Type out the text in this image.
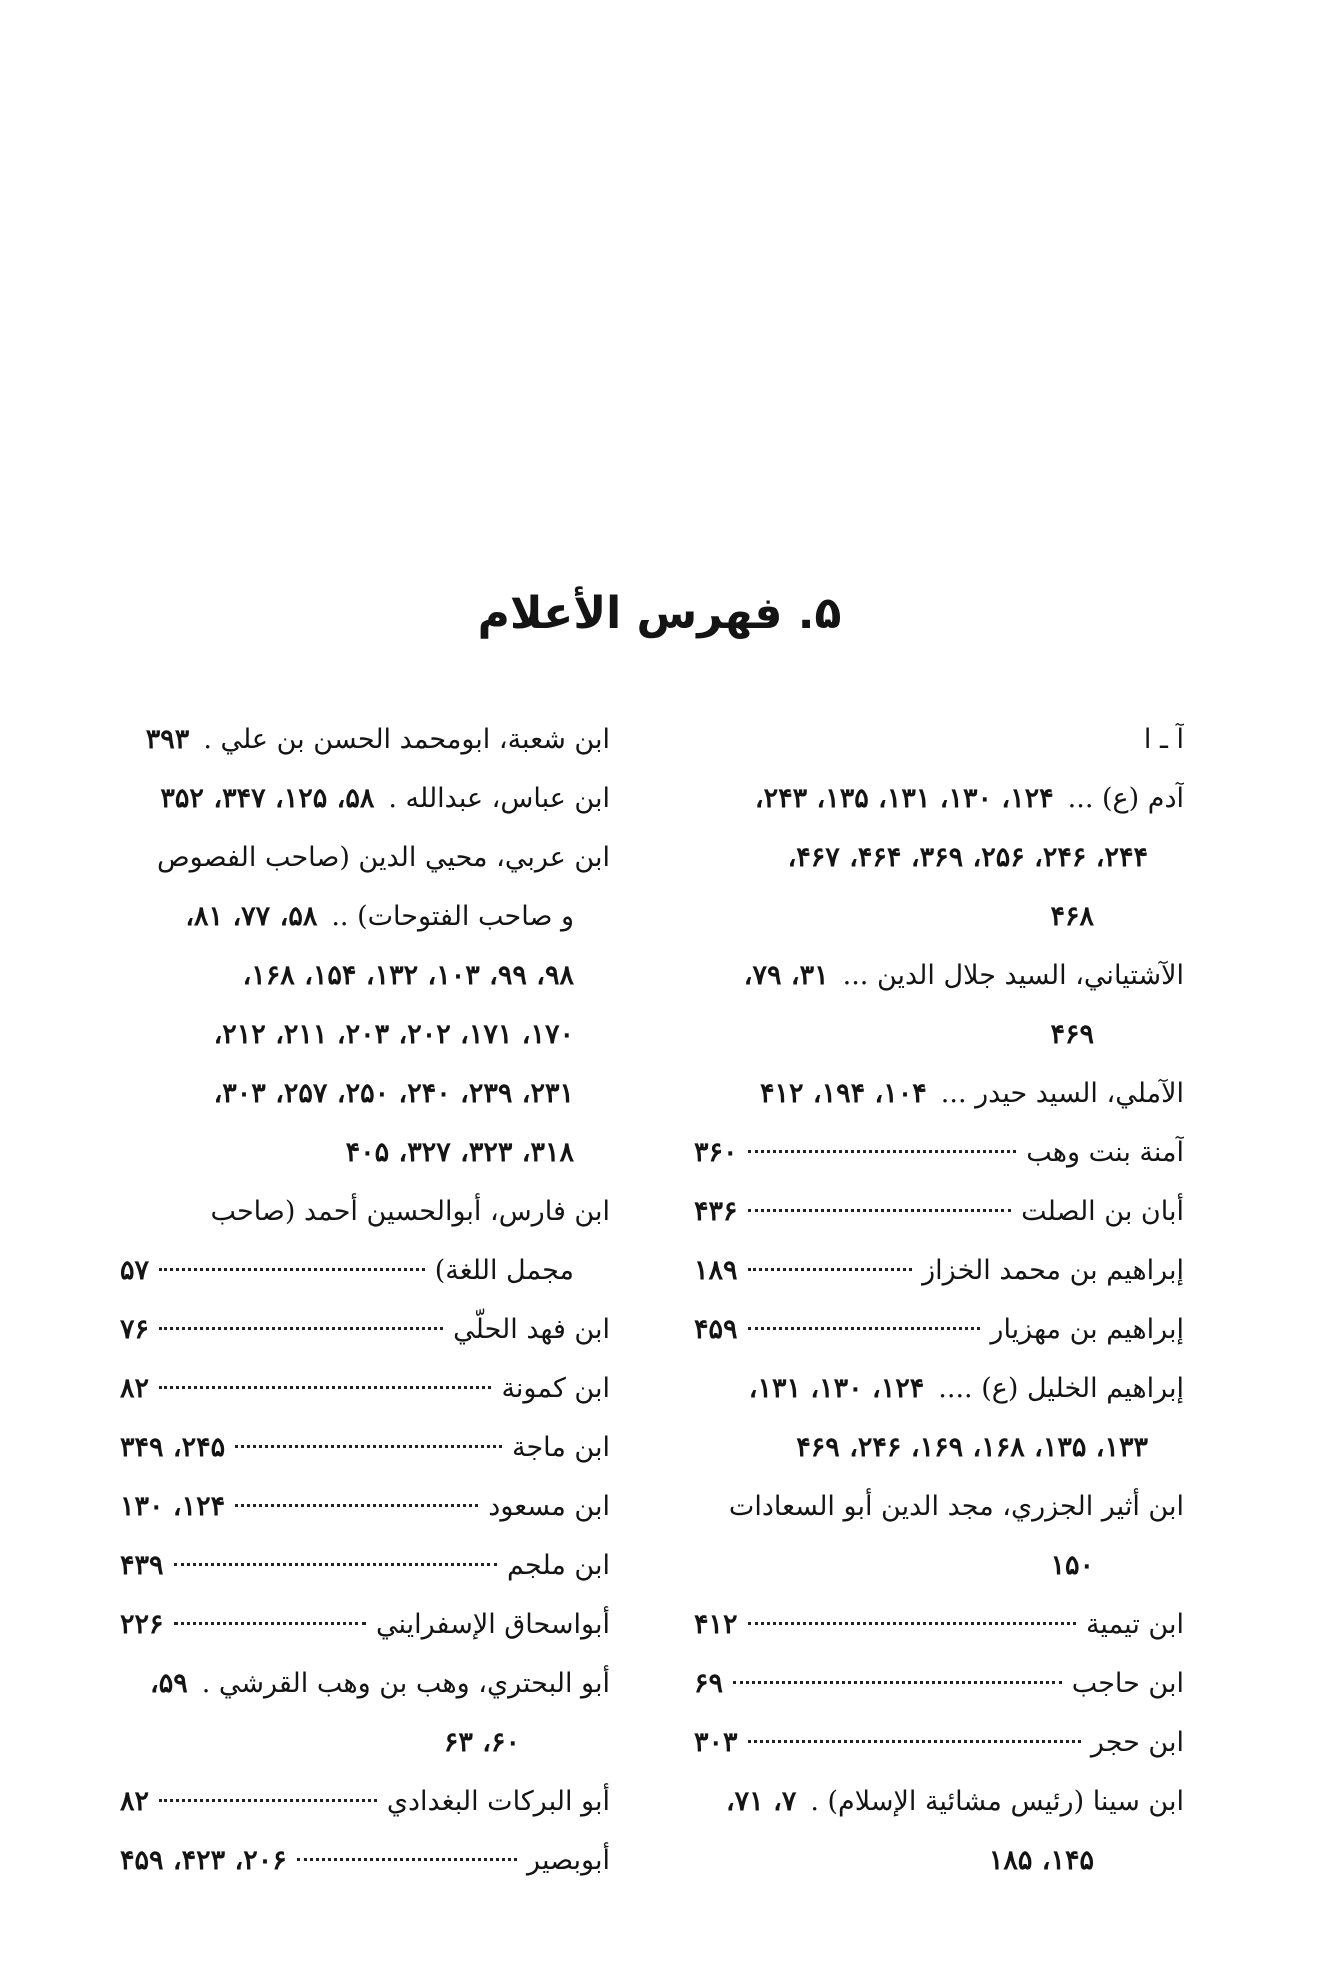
۵. فهرس الأعلام
آ ـ ا
آدم (ع) ...
۱۲۴، ۱۳۰، ۱۳۱، ۱۳۵، ۲۴۳،
۲۴۴، ۲۴۶، ۲۵۶، ۳۶۹، ۴۶۴، ۴۶۷،
۴۶۸
الآشتياني، السيد جلال الدين ...
۳۱، ۷۹،
۴۶۹
الآملي، السيد حيدر ...
۱۰۴، ۱۹۴، ۴۱۲
آمنة بنت وهب
۳۶۰
أبان بن الصلت
۴۳۶
إبراهيم بن محمد الخزاز
۱۸۹
إبراهيم بن مهزيار
۴۵۹
إبراهيم الخليل (ع) ....
۱۲۴، ۱۳۰، ۱۳۱،
۱۳۳، ۱۳۵، ۱۶۸، ۱۶۹، ۲۴۶، ۴۶۹
ابن أثير الجزري، مجد الدين أبو السعادات
۱۵۰
ابن تيمية
۴۱۲
ابن حاجب
۶۹
ابن حجر
۳۰۳
ابن سينا (رئيس مشائية الإسلام) .
۷، ۷۱،
۱۴۵، ۱۸۵
ابن شعبة، ابومحمد الحسن بن علي .
۳۹۳
ابن عباس، عبدالله .
۵۸، ۱۲۵، ۳۴۷، ۳۵۲
ابن عربي، محيي الدين (صاحب الفصوص
و صاحب الفتوحات) ..
۵۸، ۷۷، ۸۱،
۹۸، ۹۹، ۱۰۳، ۱۳۲، ۱۵۴، ۱۶۸،
۱۷۰، ۱۷۱، ۲۰۲، ۲۰۳، ۲۱۱، ۲۱۲،
۲۳۱، ۲۳۹، ۲۴۰، ۲۵۰، ۲۵۷، ۳۰۳،
۳۱۸، ۳۲۳، ۳۲۷، ۴۰۵
ابن فارس، أبوالحسين أحمد (صاحب
مجمل اللغة)
۵۷
ابن فهد الحلّي
۷۶
ابن كمونة
۸۲
ابن ماجة
۲۴۵، ۳۴۹
ابن مسعود
۱۲۴، ۱۳۰
ابن ملجم
۴۳۹
أبواسحاق الإسفرايني
۲۲۶
أبو البحتري، وهب بن وهب القرشي .
۵۹،
۶۰، ۶۳
أبو البركات البغدادي
۸۲
أبوبصير
۲۰۶، ۴۲۳، ۴۵۹
